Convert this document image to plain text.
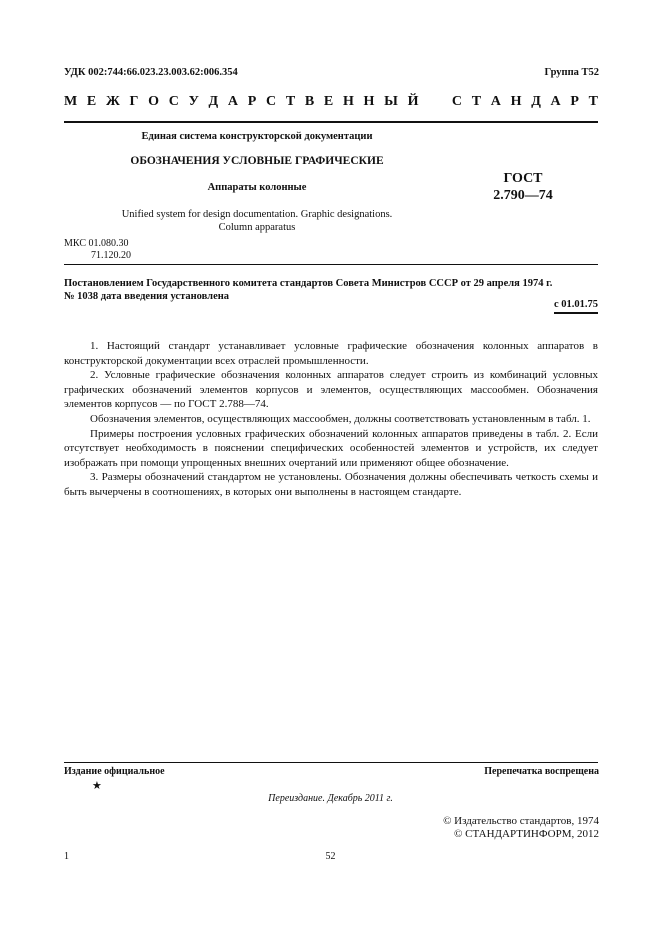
УДК 002:744:66.023.23.003.62:006.354	Группа Т52
М Е Ж Г О С У Д А Р С Т В Е Н Н Ы Й С Т А Н Д А Р Т
Единая система конструкторской документации
ОБОЗНАЧЕНИЯ УСЛОВНЫЕ ГРАФИЧЕСКИЕ
Аппараты колонные
ГОСТ
2.790—74
Unified system for design documentation. Graphic designations.
Column apparatus
МКС 01.080.30
71.120.20
Постановлением Государственного комитета стандартов Совета Министров СССР от 29 апреля 1974 г.
№ 1038 дата введения установлена
с 01.01.75

1. Настоящий стандарт устанавливает условные графические обозначения колонных аппаратов в конструкторской документации всех отраслей промышленности.

2. Условные графические обозначения колонных аппаратов следует строить из комбинаций условных графических обозначений элементов корпусов и элементов, осуществляющих массообмен. Обозначения элементов корпусов — по ГОСТ 2.788—74.

Обозначения элементов, осуществляющих массообмен, должны соответствовать установленным в табл. 1.

Примеры построения условных графических обозначений колонных аппаратов приведены в табл. 2. Если отсутствует необходимость в пояснении специфических особенностей элементов и устройств, их следует изображать при помощи упрощенных внешних очертаний или применяют общее обозначение.

3. Размеры обозначений стандартом не установлены. Обозначения должны обеспечивать четкость схемы и быть вычерчены в соотношениях, в которых они выполнены в настоящем стандарте.

Издание официальное
★
Перепечатка воспрещена
Переиздание. Декабрь 2011 г.
© Издательство стандартов, 1974
© СТАНДАРТИНФОРМ, 2012
1	52
